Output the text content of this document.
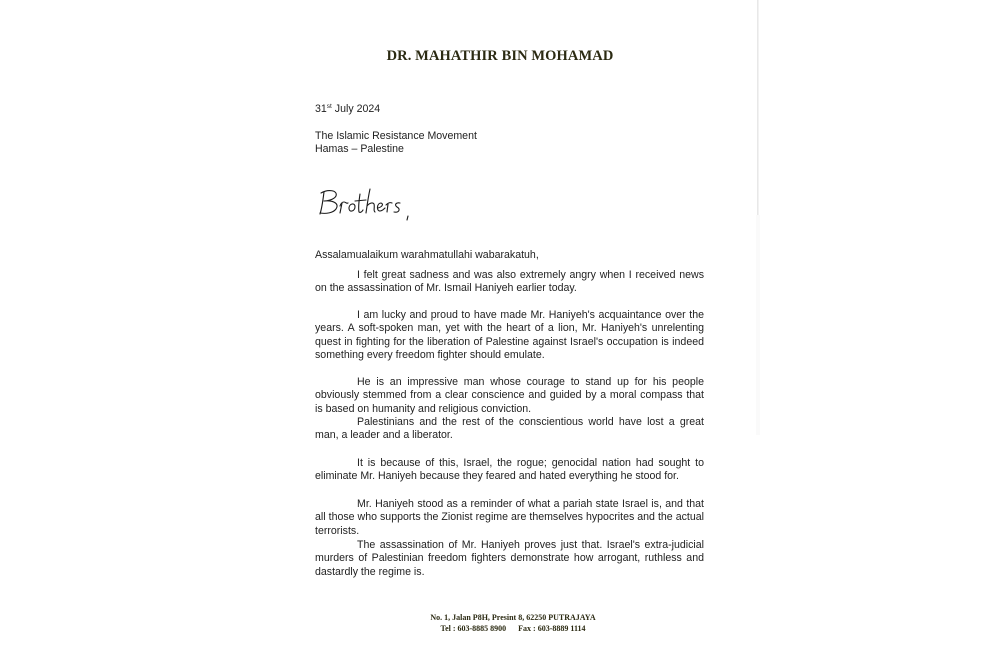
DR. MAHATHIR BIN MOHAMAD
31st July 2024
The Islamic Resistance Movement
Hamas – Palestine
Assalamualaikum warahmatullahi wabarakatuh,
I felt great sadness and was also extremely angry when I received news on the assassination of Mr. Ismail Haniyeh earlier today.
I am lucky and proud to have made Mr. Haniyeh's acquaintance over the years. A soft-spoken man, yet with the heart of a lion, Mr. Haniyeh's unrelenting quest in fighting for the liberation of Palestine against Israel's occupation is indeed something every freedom fighter should emulate.
He is an impressive man whose courage to stand up for his people obviously stemmed from a clear conscience and guided by a moral compass that is based on humanity and religious conviction.
Palestinians and the rest of the conscientious world have lost a great man, a leader and a liberator.
It is because of this, Israel, the rogue; genocidal nation had sought to eliminate Mr. Haniyeh because they feared and hated everything he stood for.
Mr. Haniyeh stood as a reminder of what a pariah state Israel is, and that all those who supports the Zionist regime are themselves hypocrites and the actual terrorists.
The assassination of Mr. Haniyeh proves just that. Israel's extra-judicial murders of Palestinian freedom fighters demonstrate how arrogant, ruthless and dastardly the regime is.
No. 1, Jalan P8H, Presint 8, 62250 PUTRAJAYA
Tel : 603-8885 8900 Fax : 603-8889 1114
